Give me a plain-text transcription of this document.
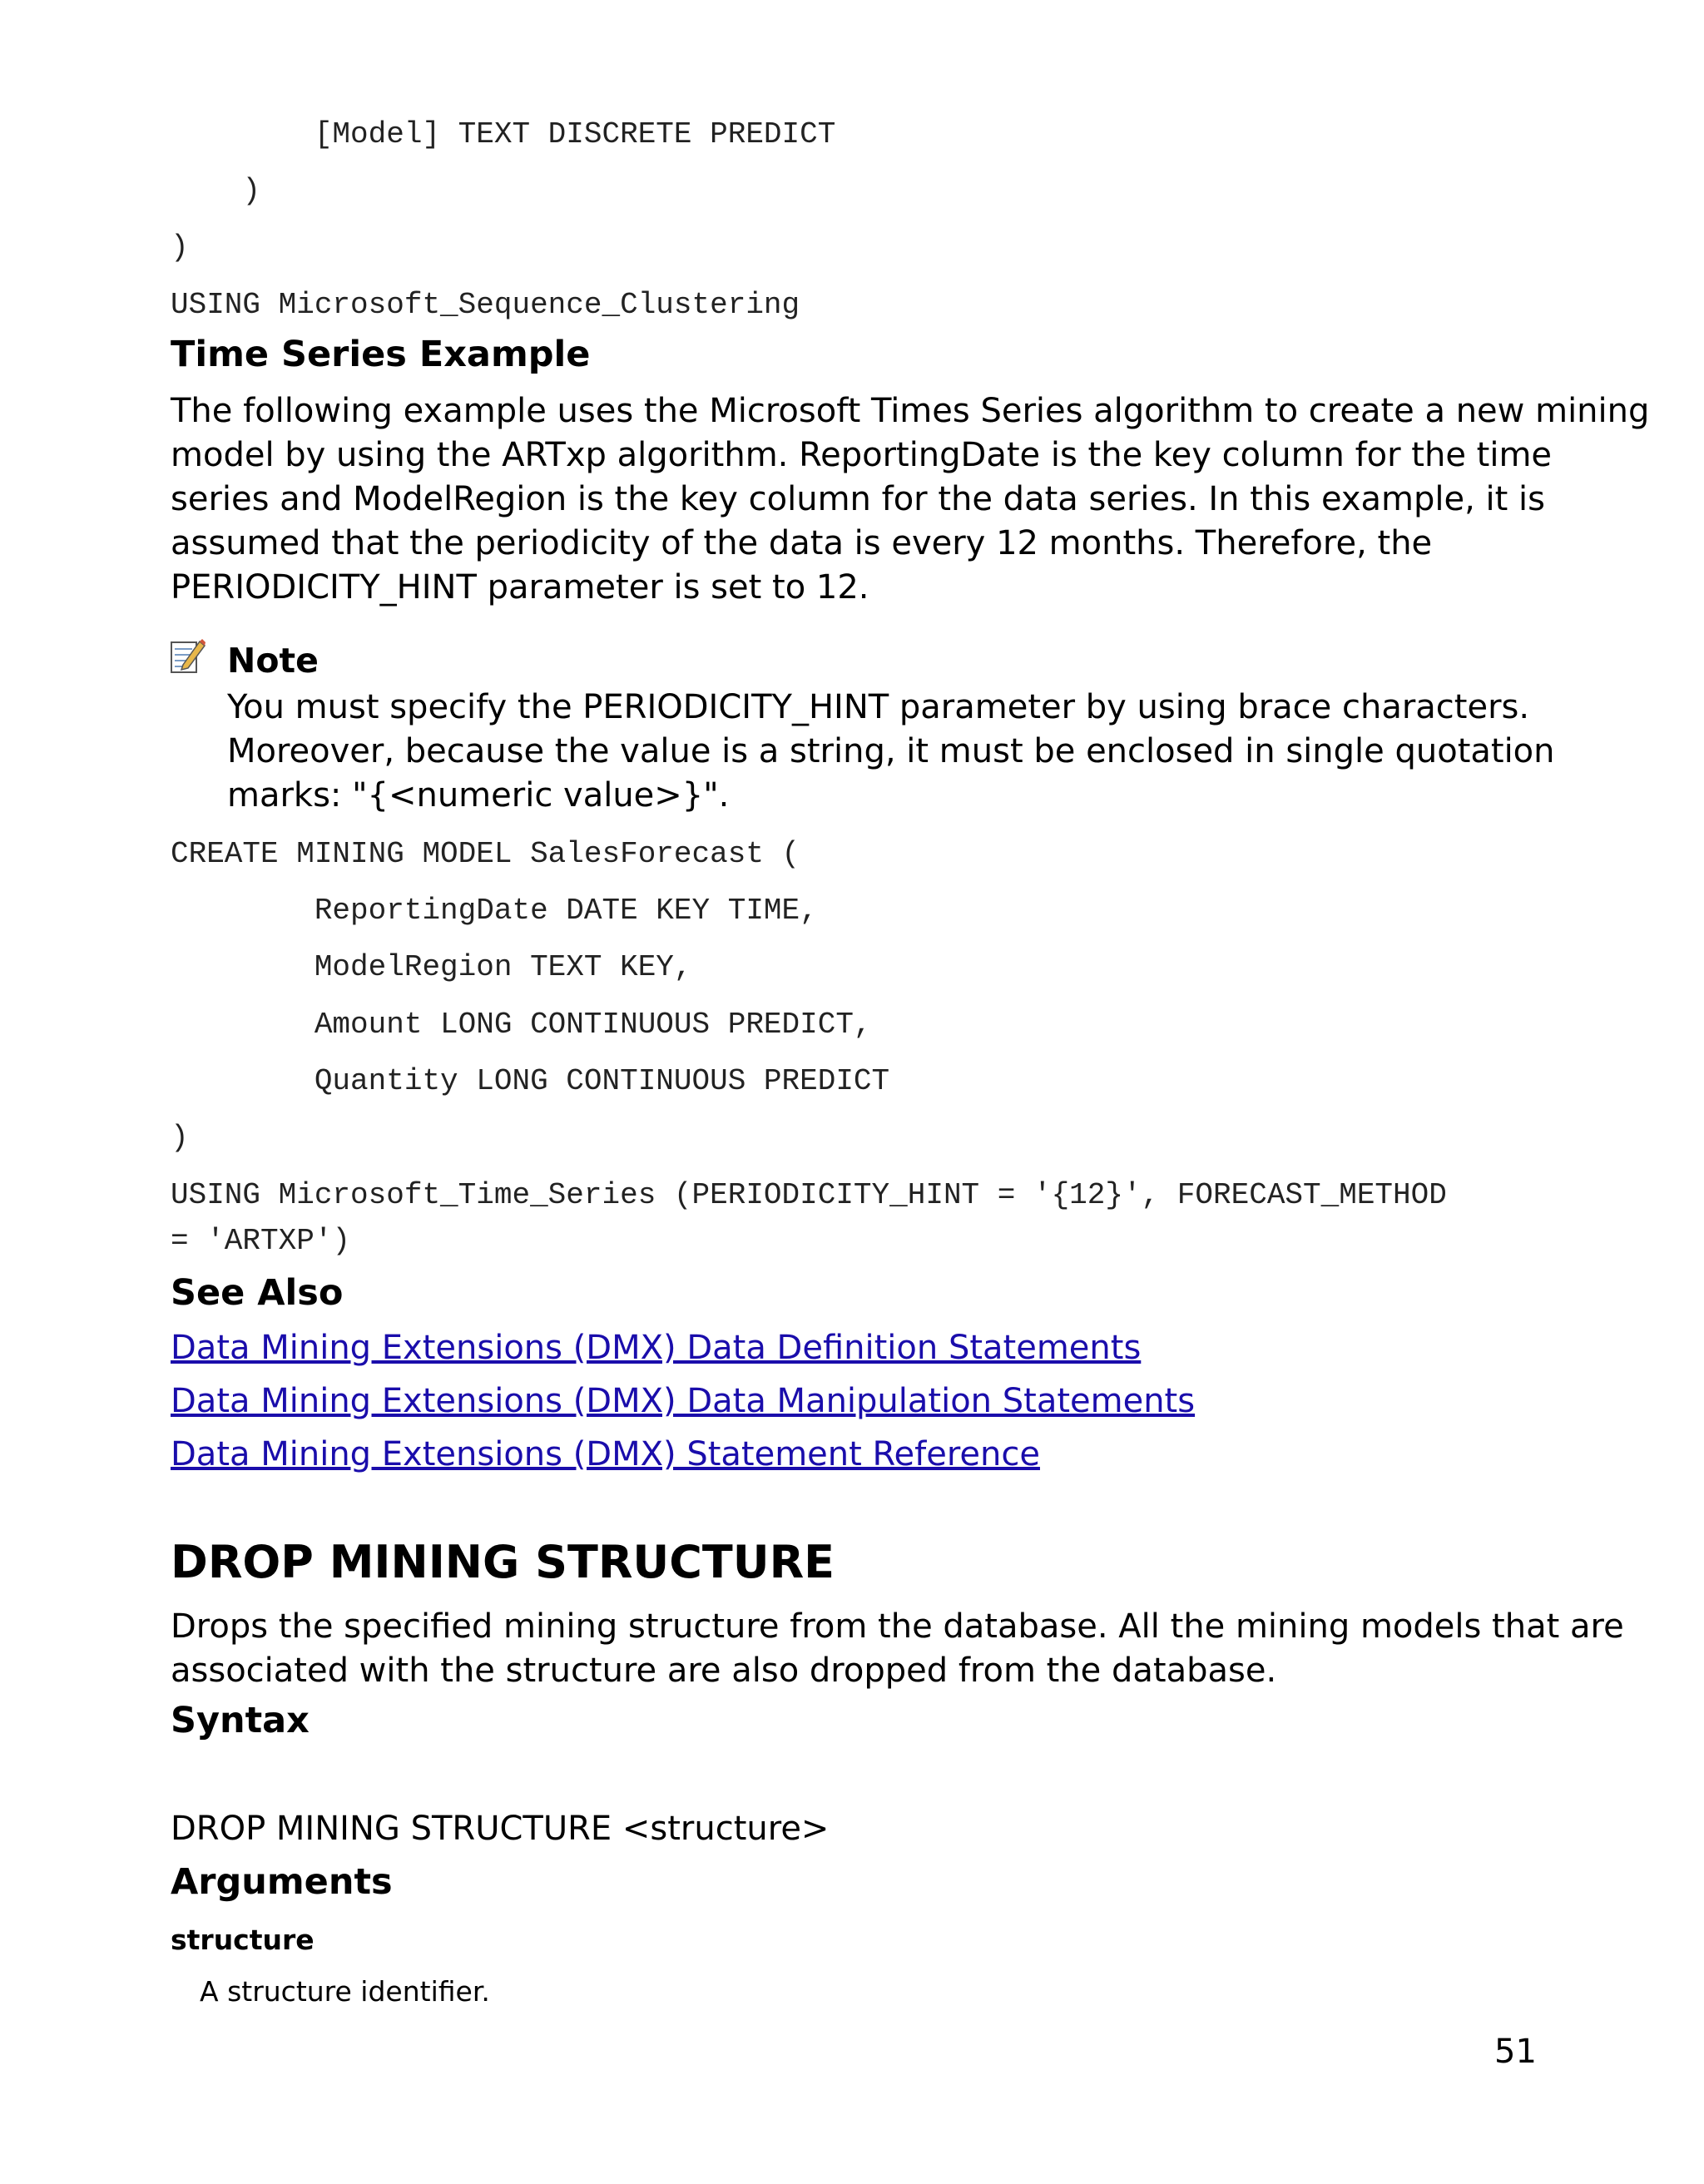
[Model] TEXT DISCRETE PREDICT
)
)
USING Microsoft_Sequence_Clustering
Time Series Example
The following example uses the Microsoft Times Series algorithm to create a new mining
model by using the ARTxp algorithm. ReportingDate is the key column for the time
series and ModelRegion is the key column for the data series. In this example, it is
assumed that the periodicity of the data is every 12 months. Therefore, the
PERIODICITY_HINT parameter is set to 12.
Note
You must specify the PERIODICITY_HINT parameter by using brace characters.
Moreover, because the value is a string, it must be enclosed in single quotation
marks: "{<numeric value>}".
CREATE MINING MODEL SalesForecast (
ReportingDate DATE KEY TIME,
ModelRegion TEXT KEY,
Amount LONG CONTINUOUS PREDICT,
Quantity LONG CONTINUOUS PREDICT
)
USING Microsoft_Time_Series (PERIODICITY_HINT = '{12}', FORECAST_METHOD
= 'ARTXP')
See Also
Data Mining Extensions (DMX) Data Definition Statements
Data Mining Extensions (DMX) Data Manipulation Statements
Data Mining Extensions (DMX) Statement Reference
DROP MINING STRUCTURE
Drops the specified mining structure from the database. All the mining models that are
associated with the structure are also dropped from the database.
Syntax
DROP MINING STRUCTURE <structure>
Arguments
structure
A structure identifier.
51
